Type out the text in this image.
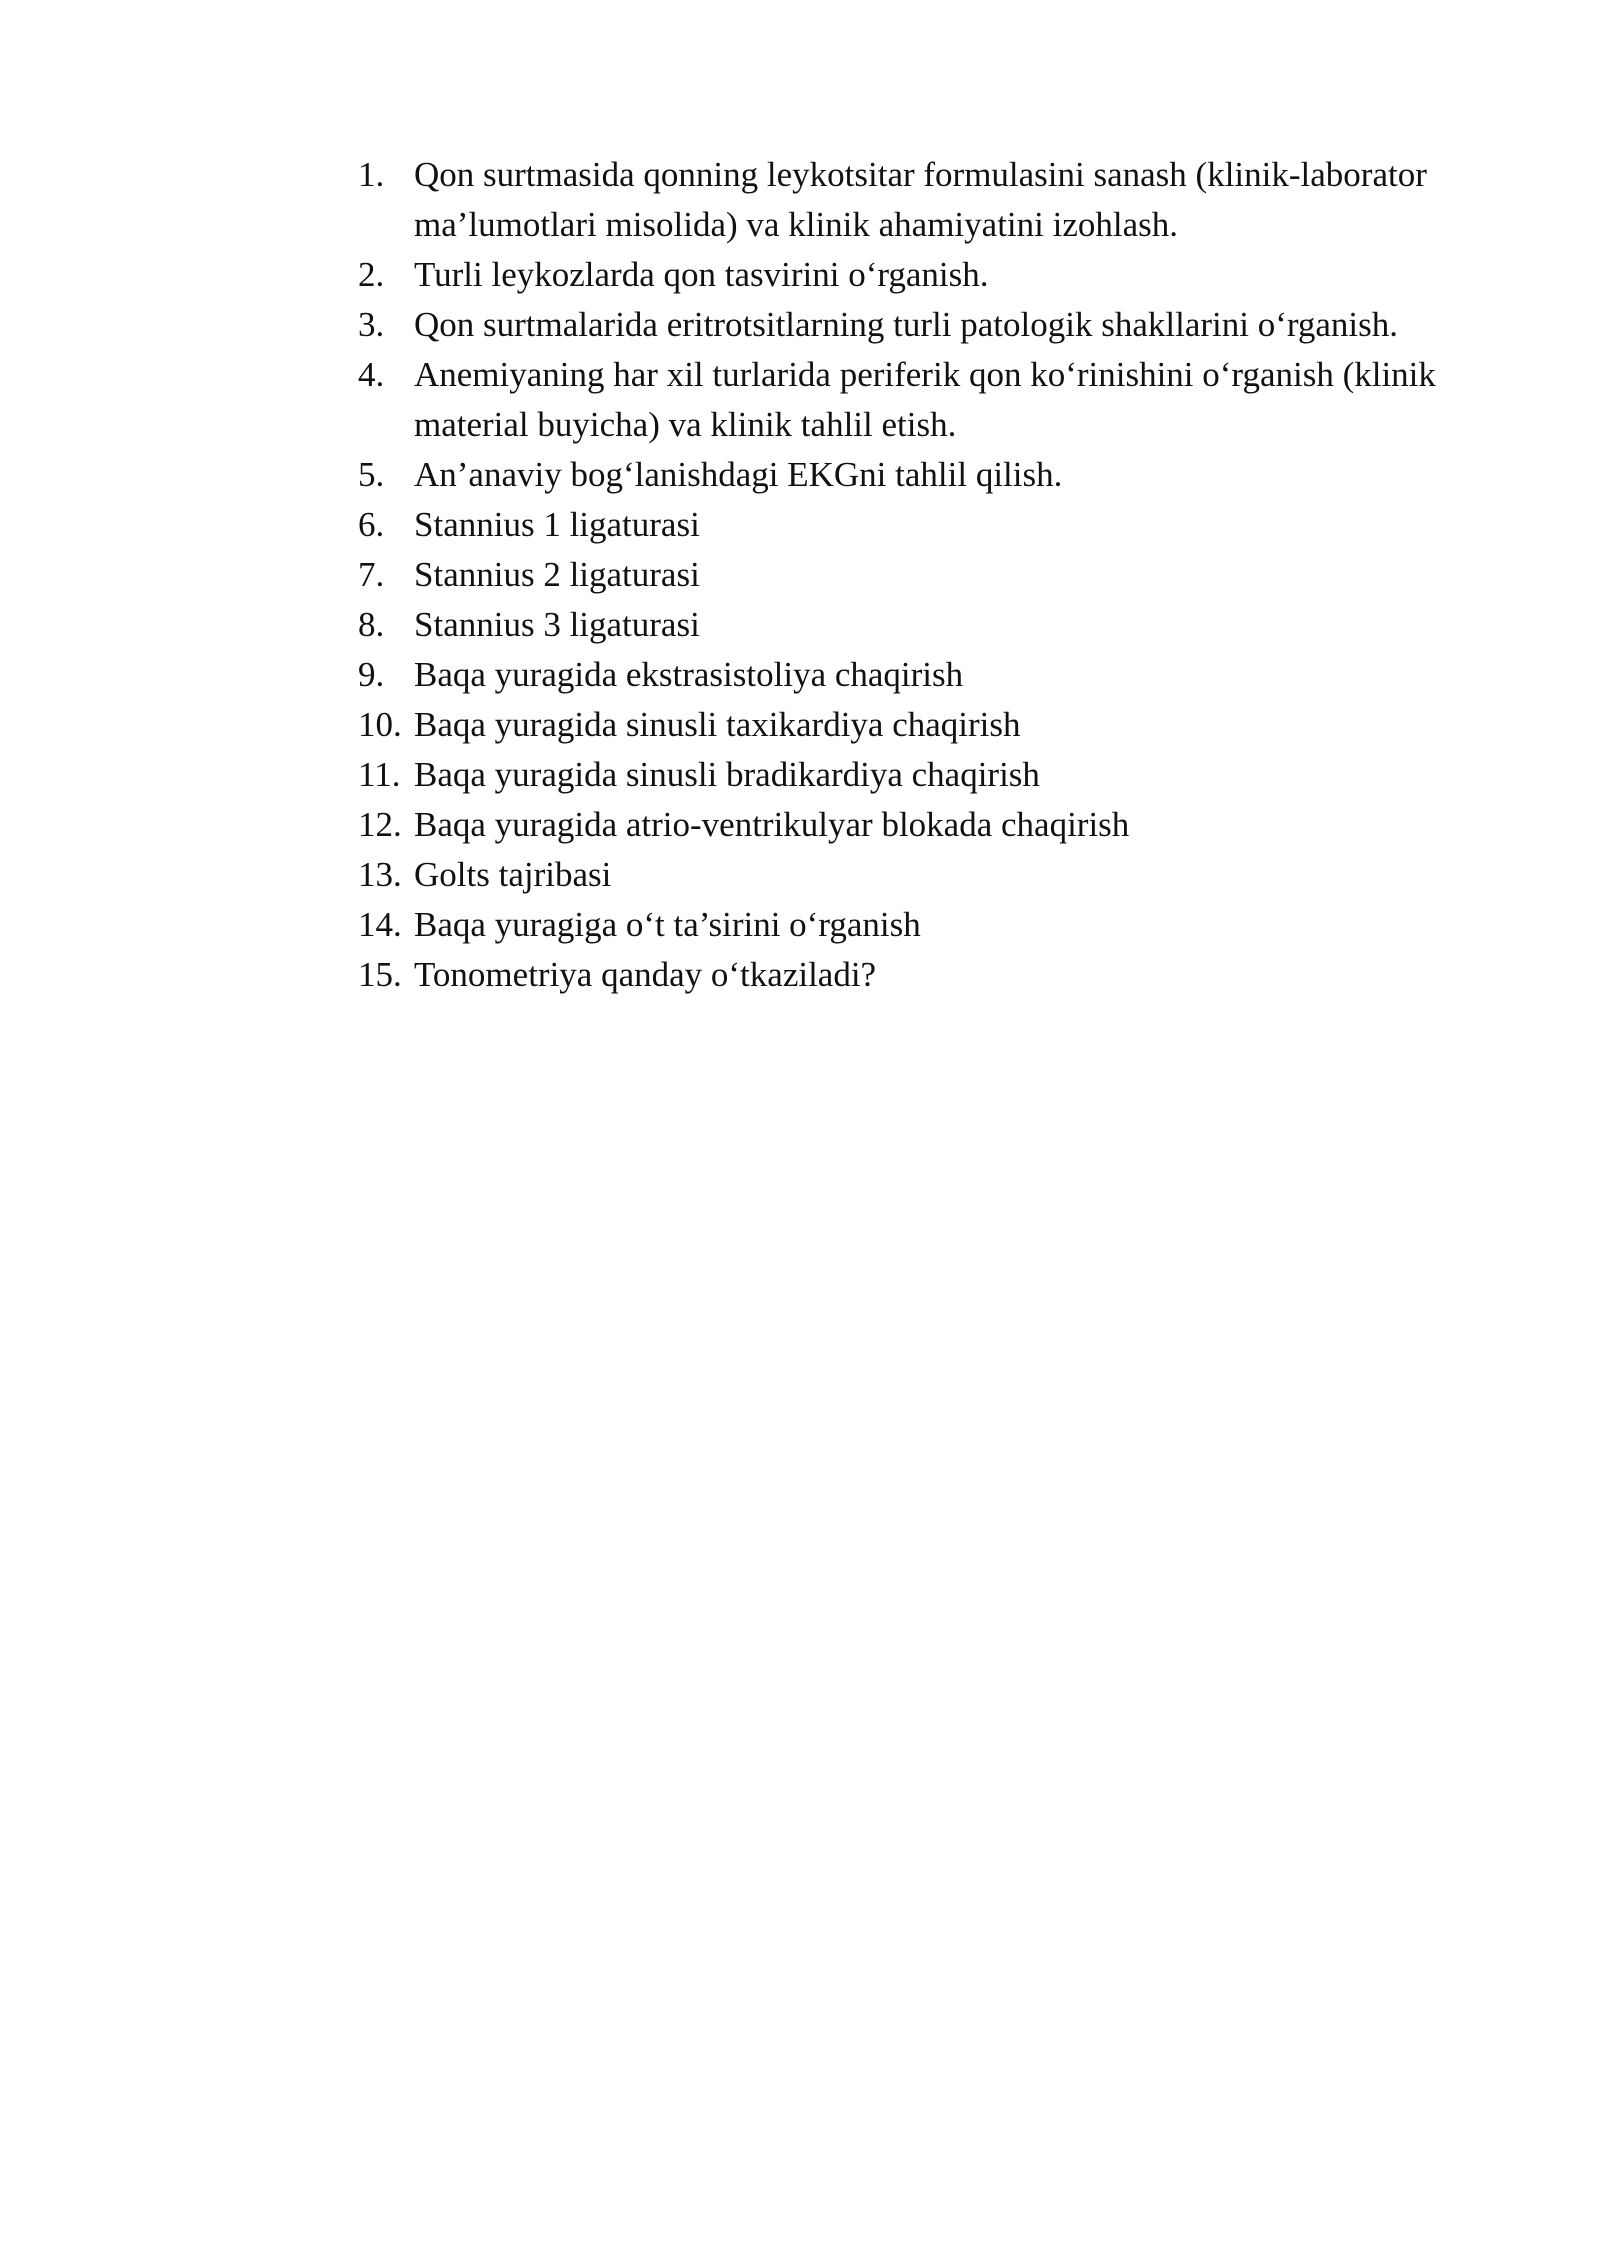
1. Qon surtmasida qonning leykotsitar formulasini sanash (klinik-laborator ma’lumotlari misolida) va klinik ahamiyatini izohlash.
2. Turli leykozlarda qon tasvirini o‘rganish.
3. Qon surtmalarida eritrotsitlarning turli patologik shakllarini o‘rganish.
4. Anemiyaning har xil turlarida periferik qon ko‘rinishini o‘rganish (klinik material buyicha) va klinik tahlil etish.
5. An’anaviy bog‘lanishdagi EKGni tahlil qilish.
6. Stannius 1 ligaturasi
7. Stannius 2 ligaturasi
8. Stannius 3 ligaturasi
9. Baqa yuragida ekstrasistoliya chaqirish
10. Baqa yuragida sinusli taxikardiya chaqirish
11. Baqa yuragida sinusli bradikardiya chaqirish
12. Baqa yuragida atrio-ventrikulyar blokada chaqirish
13. Golts tajribasi
14. Baqa yuragiga o‘t ta’sirini o‘rganish
15. Tonometriya qanday o‘tkaziladi?
